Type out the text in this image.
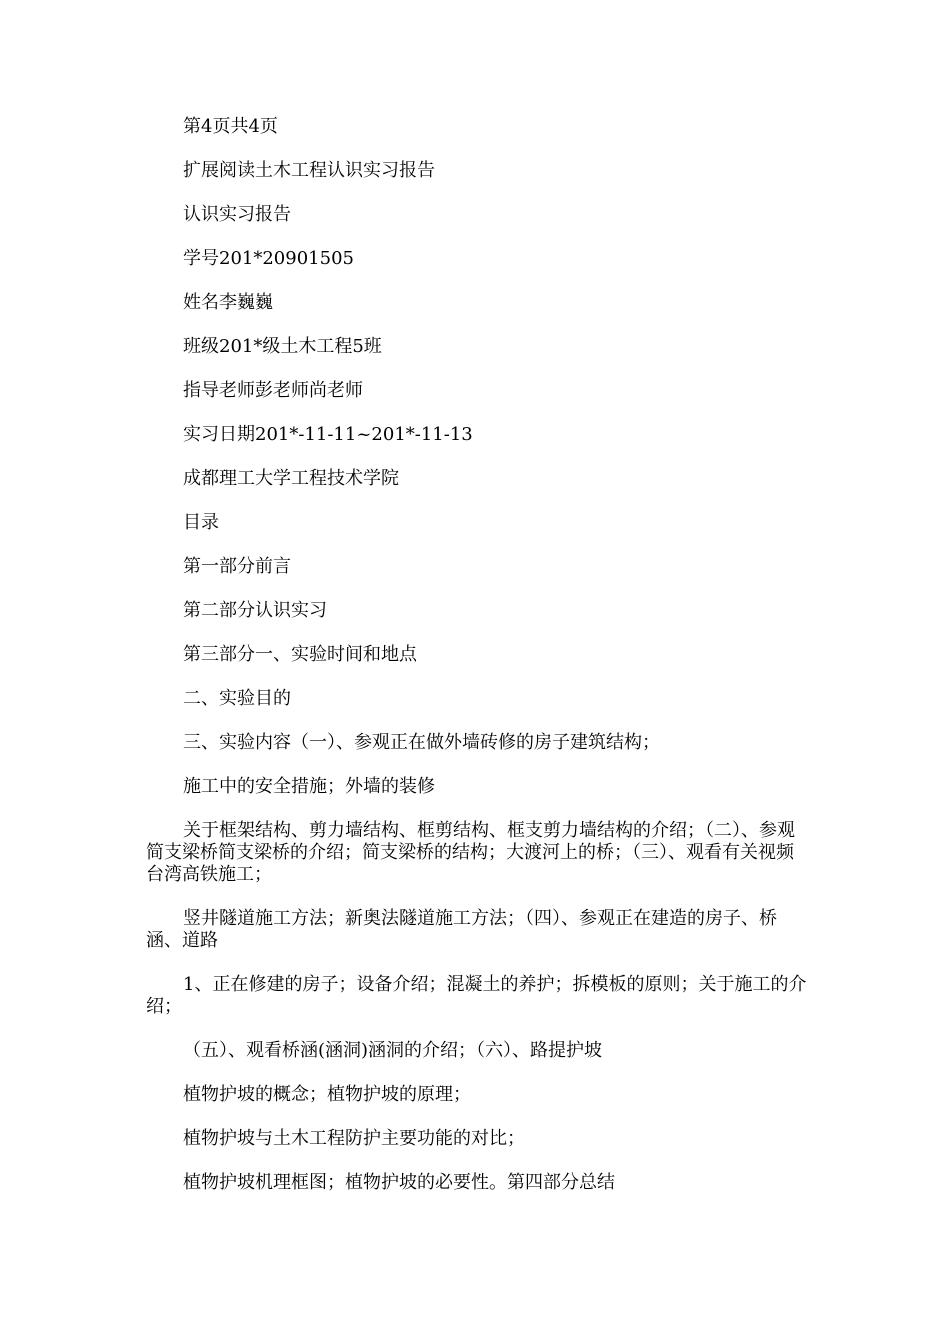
第4页共4页

扩展阅读土木工程认识实习报告

认识实习报告

学号201*20901505

姓名李巍巍

班级201*级土木工程5班

指导老师彭老师尚老师

实习日期201*-11-11~201*-11-13

成都理工大学工程技术学院

目录

第一部分前言

第二部分认识实习

第三部分一、实验时间和地点

二、实验目的

三、实验内容（一）、参观正在做外墙砖修的房子建筑结构；

施工中的安全措施；外墙的装修

关于框架结构、剪力墙结构、框剪结构、框支剪力墙结构的介绍；（二）、参观简支梁桥简支梁桥的介绍；简支梁桥的结构；大渡河上的桥；（三）、观看有关视频台湾高铁施工；

竖井隧道施工方法；新奥法隧道施工方法；（四）、参观正在建造的房子、桥涵、道路

1、正在修建的房子；设备介绍；混凝土的养护；拆模板的原则；关于施工的介绍；

（五）、观看桥涵(涵洞)涵洞的介绍；（六）、路提护坡

植物护坡的概念；植物护坡的原理；

植物护坡与土木工程防护主要功能的对比；

植物护坡机理框图；植物护坡的必要性。第四部分总结
